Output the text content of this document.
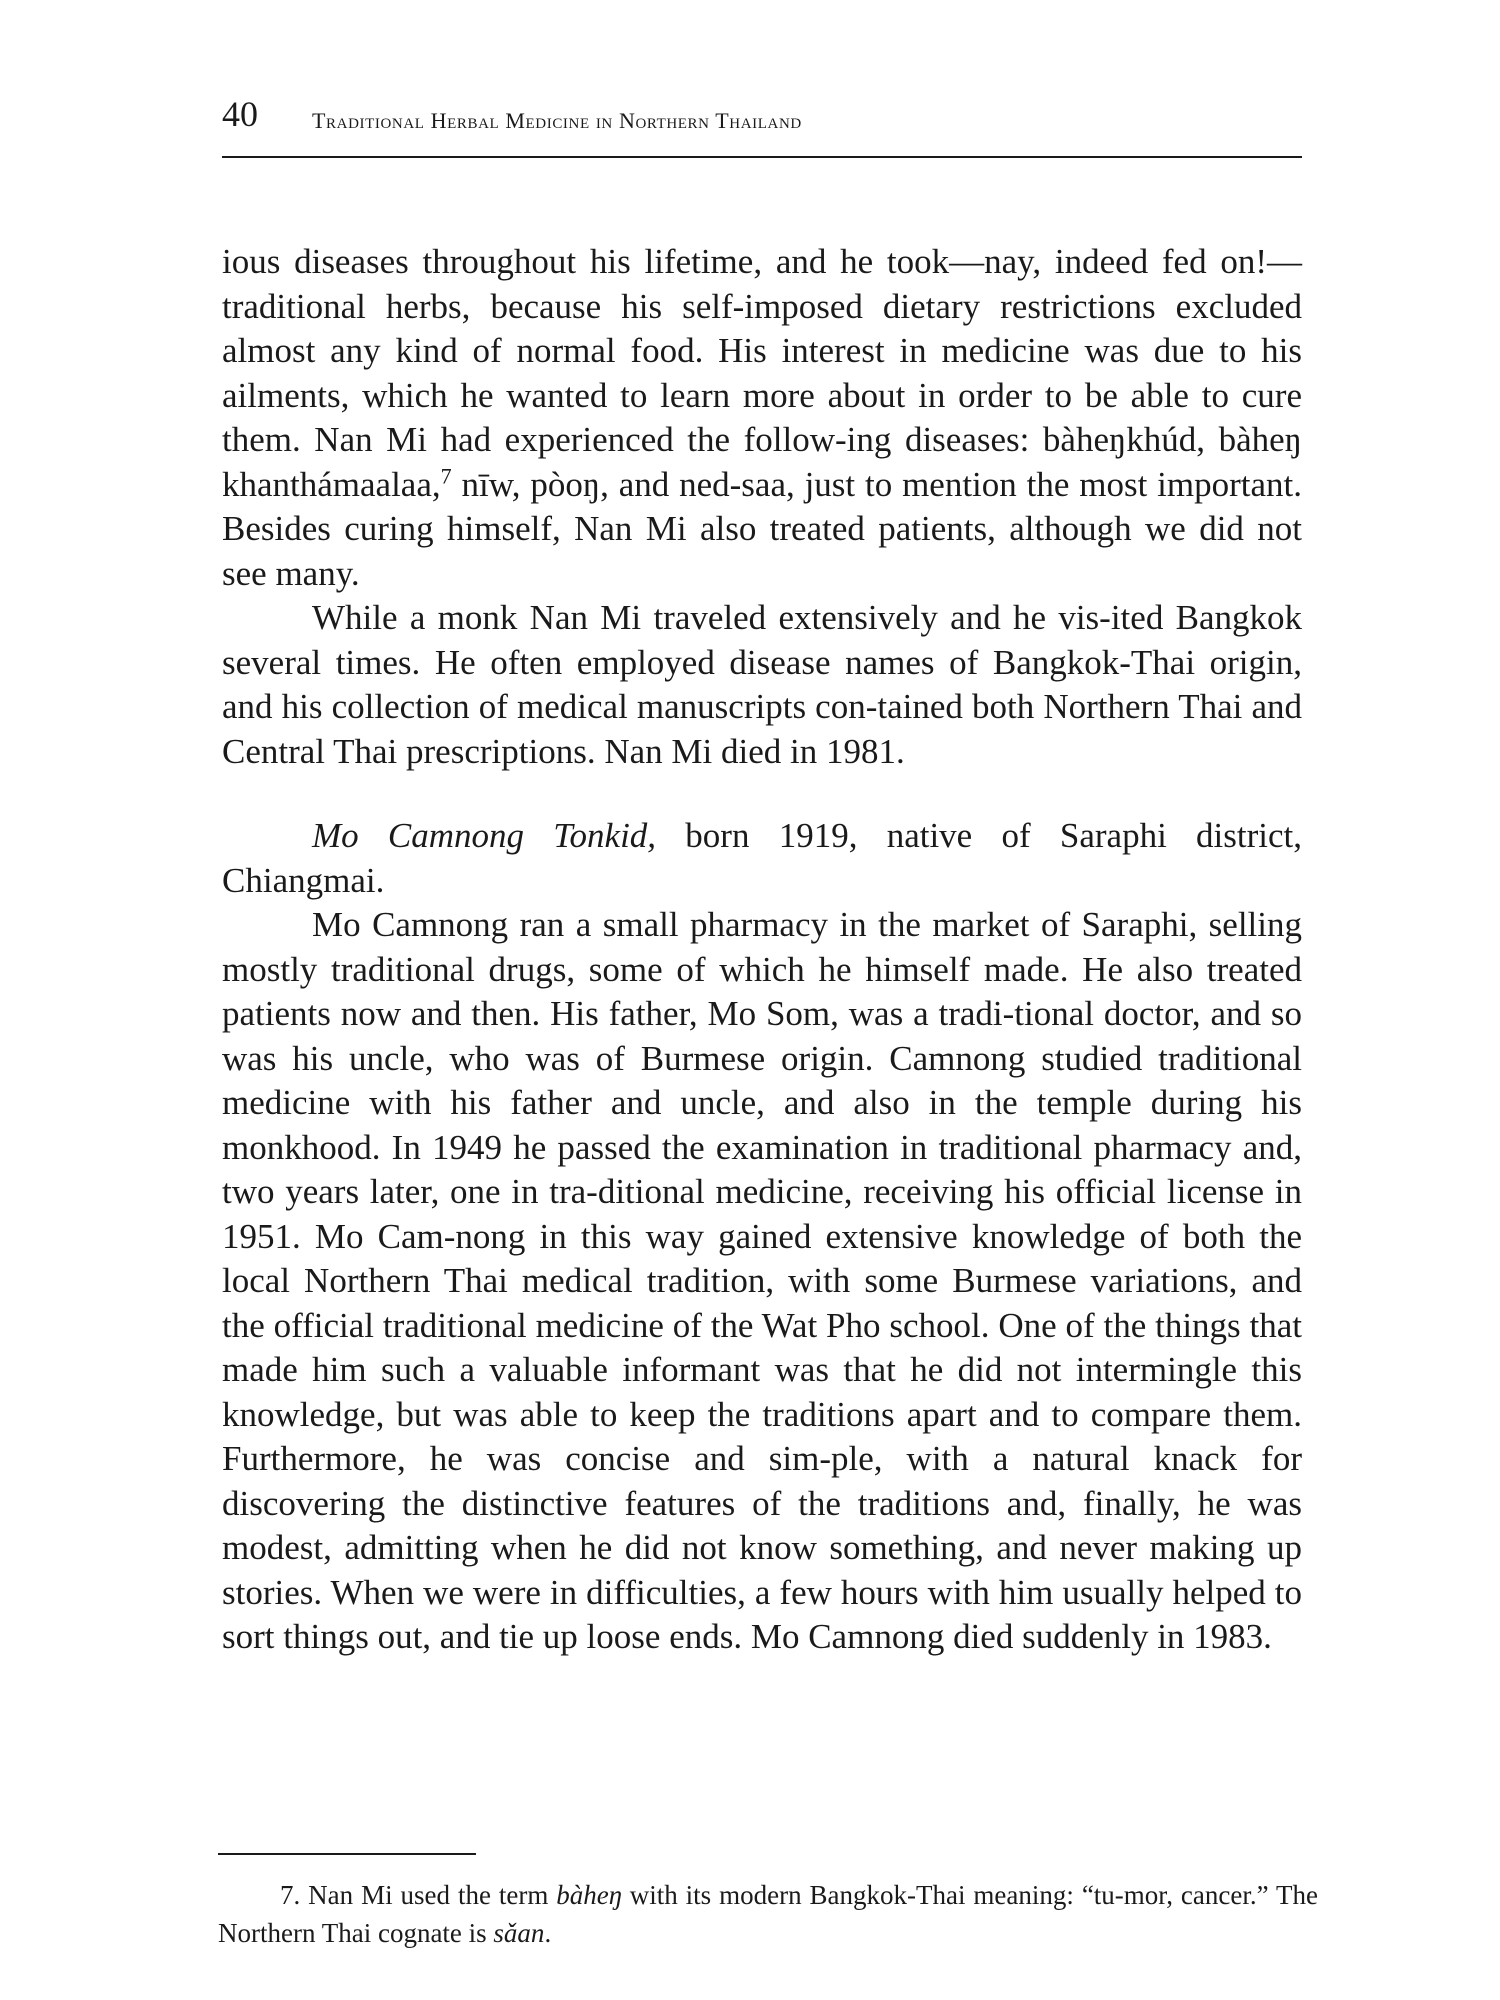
40 Traditional Herbal Medicine in Northern Thailand

ious diseases throughout his lifetime, and he took—nay, indeed fed on!—traditional herbs, because his self-imposed dietary restrictions excluded almost any kind of normal food. His interest in medicine was due to his ailments, which he wanted to learn more about in order to be able to cure them. Nan Mi had experienced the follow-ing diseases: bàheŋkhúd, bàheŋ khanthámaalaa,$^7$ nīw, pòoŋ, and ned-saa, just to mention the most important. Besides curing himself, Nan Mi also treated patients, although we did not see many.

While a monk Nan Mi traveled extensively and he vis-ited Bangkok several times. He often employed disease names of Bangkok-Thai origin, and his collection of medical manuscripts con-tained both Northern Thai and Central Thai prescriptions. Nan Mi died in 1981.

Mo Camnong Tonkid, born 1919, native of Saraphi district, Chiangmai.

Mo Camnong ran a small pharmacy in the market of Saraphi, selling mostly traditional drugs, some of which he himself made. He also treated patients now and then. His father, Mo Som, was a tradi-tional doctor, and so was his uncle, who was of Burmese origin. Camnong studied traditional medicine with his father and uncle, and also in the temple during his monkhood. In 1949 he passed the examination in traditional pharmacy and, two years later, one in tra-ditional medicine, receiving his official license in 1951. Mo Cam-nong in this way gained extensive knowledge of both the local Northern Thai medical tradition, with some Burmese variations, and the official traditional medicine of the Wat Pho school. One of the things that made him such a valuable informant was that he did not intermingle this knowledge, but was able to keep the traditions apart and to compare them. Furthermore, he was concise and sim-ple, with a natural knack for discovering the distinctive features of the traditions and, finally, he was modest, admitting when he did not know something, and never making up stories. When we were in difficulties, a few hours with him usually helped to sort things out, and tie up loose ends. Mo Camnong died suddenly in 1983.

7. Nan Mi used the term bàheŋ with its modern Bangkok-Thai meaning: “tu-mor, cancer.” The Northern Thai cognate is sǎan.
